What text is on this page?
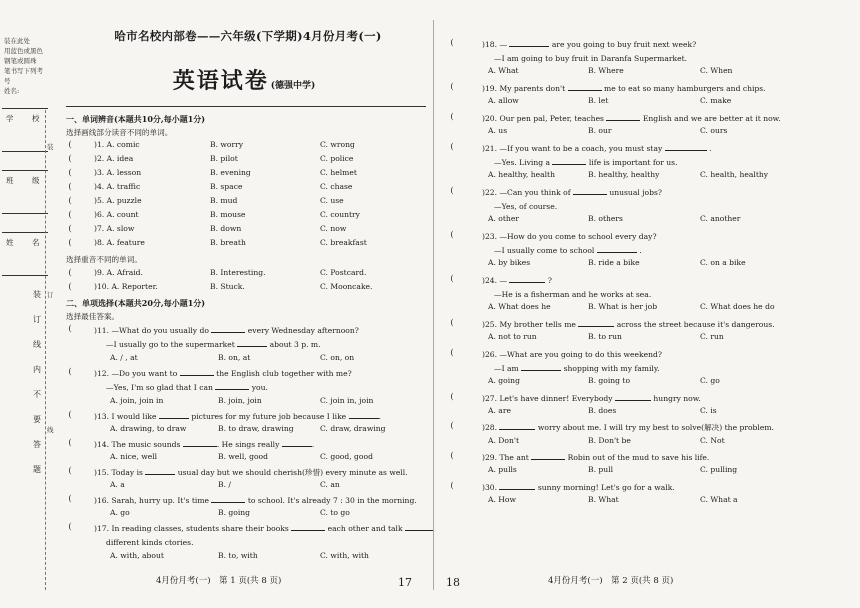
装在此处
用蓝色或黑色
钢笔或圆珠
笔书写下列考号
姓名:
学 校
班 级
姓 名
装
订
线
装
订
线
内
不
要
答
题
哈市名校内部卷——六年级(下学期)4月份月考(一)
英语试卷 (德强中学)
一、单词辨音(本题共10分,每小题1分)
选择画线部分读音不同的单词。
(	)1. A. comic	B. worry	C. wrong
(	)2. A. idea	B. pilot	C. police
(	)3. A. lesson	B. evening	C. helmet
(	)4. A. traffic	B. space	C. chase
(	)5. A. puzzle	B. mud	C. use
(	)6. A. count	B. mouse	C. country
(	)7. A. slow	B. down	C. now
(	)8. A. feature	B. breath	C. breakfast
选择重音不同的单词。
(	)9. A. Afraid.	B. Interesting.	C. Postcard.
(	)10. A. Reporter.	B. Stuck.	C. Mooncake.
二、单项选择(本题共20分,每小题1分)
选择最佳答案。
(	)11. —What do you usually do	every Wednesday afternoon?
—I usually go to the supermarket	about 3 p. m.
A. / , at	B. on, at	C. on, on
(	)12. —Do you want to	the English club together with me?
—Yes, I'm so glad that I can	you.
A. join, join in	B. join, join	C. join in, join
(	)13. I would like	pictures for my future job because I like	.
A. drawing, to draw	B. to draw, drawing	C. draw, drawing
(	)14. The music sounds	. He sings really	.
A. nice, well	B. well, good	C. good, good
(	)15. Today is	usual day but we should cherish(珍惜) every minute as well.
A. a	B. /	C. an
(	)16. Sarah, hurry up. It's time	to school. It's already 7 : 30 in the morning.
A. go	B. going	C. to go
(	)17. In reading classes, students share their books	each other and talk
different kinds ctories.
A. with, about	B. to, with	C. with, with
4月份月考(一)　第 1 页(共 8 页)	17
(	)18. —	are you going to buy fruit next week?
—I am going to buy fruit in Daranfa Supermarket.
A. What	B. Where	C. When
(	)19. My parents don't	me to eat so many hamburgers and chips.
A. allow	B. let	C. make
(	)20. Our pen pal, Peter, teaches	English and we are better at it now.
A. us	B. our	C. ours
(	)21. —If you want to be a coach, you must stay	.
—Yes. Living a	life is important for us.
A. healthy, health	B. healthy, healthy	C. health, healthy
(	)22. —Can you think of	unusual jobs?
—Yes, of course.
A. other	B. others	C. another
(	)23. —How do you come to school every day?
—I usually come to school	.
A. by bikes	B. ride a bike	C. on a bike
(	)24. —	?
—He is a fisherman and he works at sea.
A. What does he	B. What is her job	C. What does he do
(	)25. My brother tells me	across the street because it's dangerous.
A. not to run	B. to run	C. run
(	)26. —What are you going to do this weekend?
—I am	shopping with my family.
A. going	B. going to	C. go
(	)27. Let's have dinner! Everybody	hungry now.
A. are	B. does	C. is
(	)28.	worry about me. I will try my best to solve(解决) the problem.
A. Don't	B. Don't be	C. Not
(	)29. The ant	Robin out of the mud to save his life.
A. pulls	B. pull	C. pulling
(	)30.	sunny morning! Let's go for a walk.
A. How	B. What	C. What a
4月份月考(一)　第 2 页(共 8 页)
18
